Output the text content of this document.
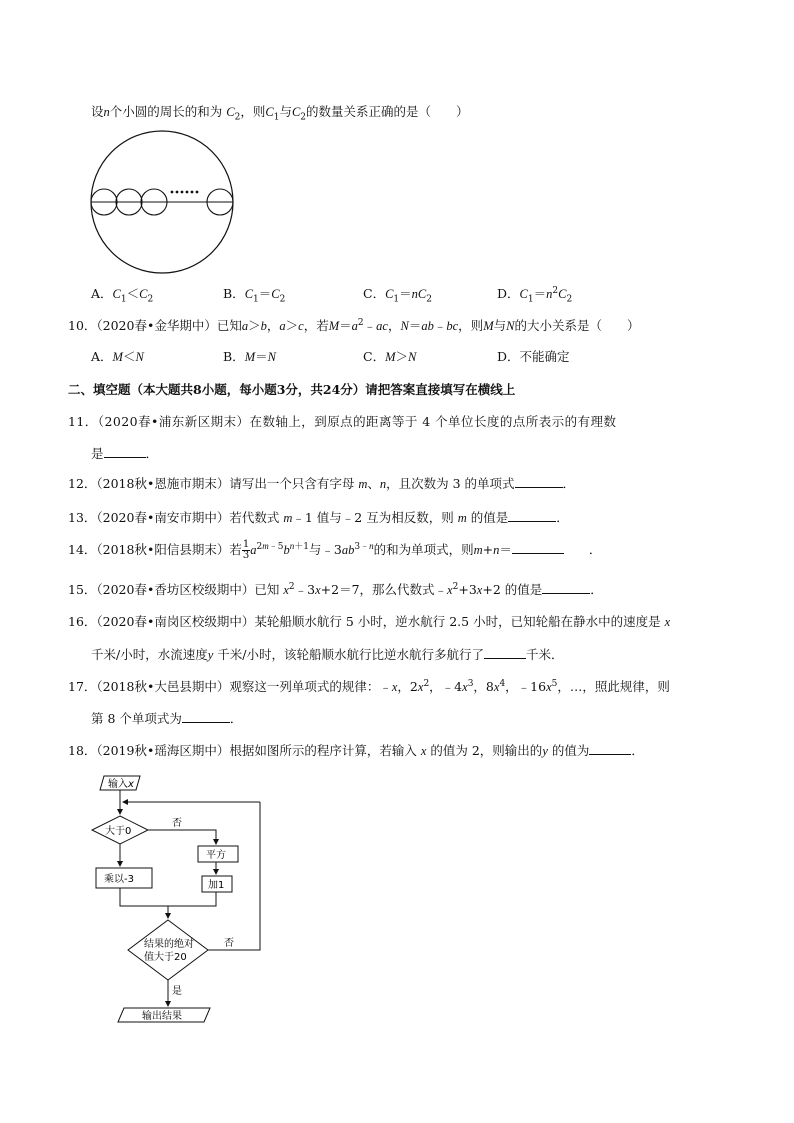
设n个小圆的周长的和为 $C_2$，则$C_1$与$C_2$的数量关系正确的是（　　）
A．$C_1<C_2$	B．$C_1=C_2$	C．$C_1=nC_2$	D．$C_1=n^2C_2$
10．（2020春•金华期中）已知a＞b，a＞c，若$M=a^2﹣ac$，N＝ab﹣bc，则M与N的大小关系是（　　）
A．M＜N	B．M＝N	C．M＞N	D．不能确定
二、填空题（本大题共8小题，每小题3分，共24分）请把答案直接填写在横线上
11．（2020春•浦东新区期末）在数轴上，到原点的距离等于 4 个单位长度的点所表示的有理数
是	．
12．（2018秋•恩施市期末）请写出一个只含有字母 m、n，且次数为 3 的单项式	．
13．（2020春•南安市期中）若代数式 m﹣1 值与﹣2 互为相反数，则 m 的值是	．
14．（2018秋•阳信县期末）若 $\frac{1}{3} a^{2m﹣5}b^{n+1}$与$﹣3ab^{3﹣n}$的和为单项式，则m+n＝	　　．
15．（2020春•香坊区校级期中）已知 $x^2﹣3x+2=7$，那么代数式$﹣x^2+3x+2$ 的值是	．
16．（2020春•南岗区校级期中）某轮船顺水航行 5 小时，逆水航行 2.5 小时，已知轮船在静水中的速度是 x
千米/小时，水流速度y 千米/小时，该轮船顺水航行比逆水航行多航行了	千米．
17．（2018秋•大邑县期中）观察这一列单项式的规律：﹣x，$2x^2$，$﹣4x^3$，$8x^4$，$﹣16x^5$，…，照此规律，则
第 8 个单项式为	．
18．（2019秋•瑶海区期中）根据如图所示的程序计算，若输入 x 的值为 2，则输出的y 的值为	．
输入x
大于0
否
平方
加1
乘以-3
结果的绝对
值大于20
否
是
输出结果
